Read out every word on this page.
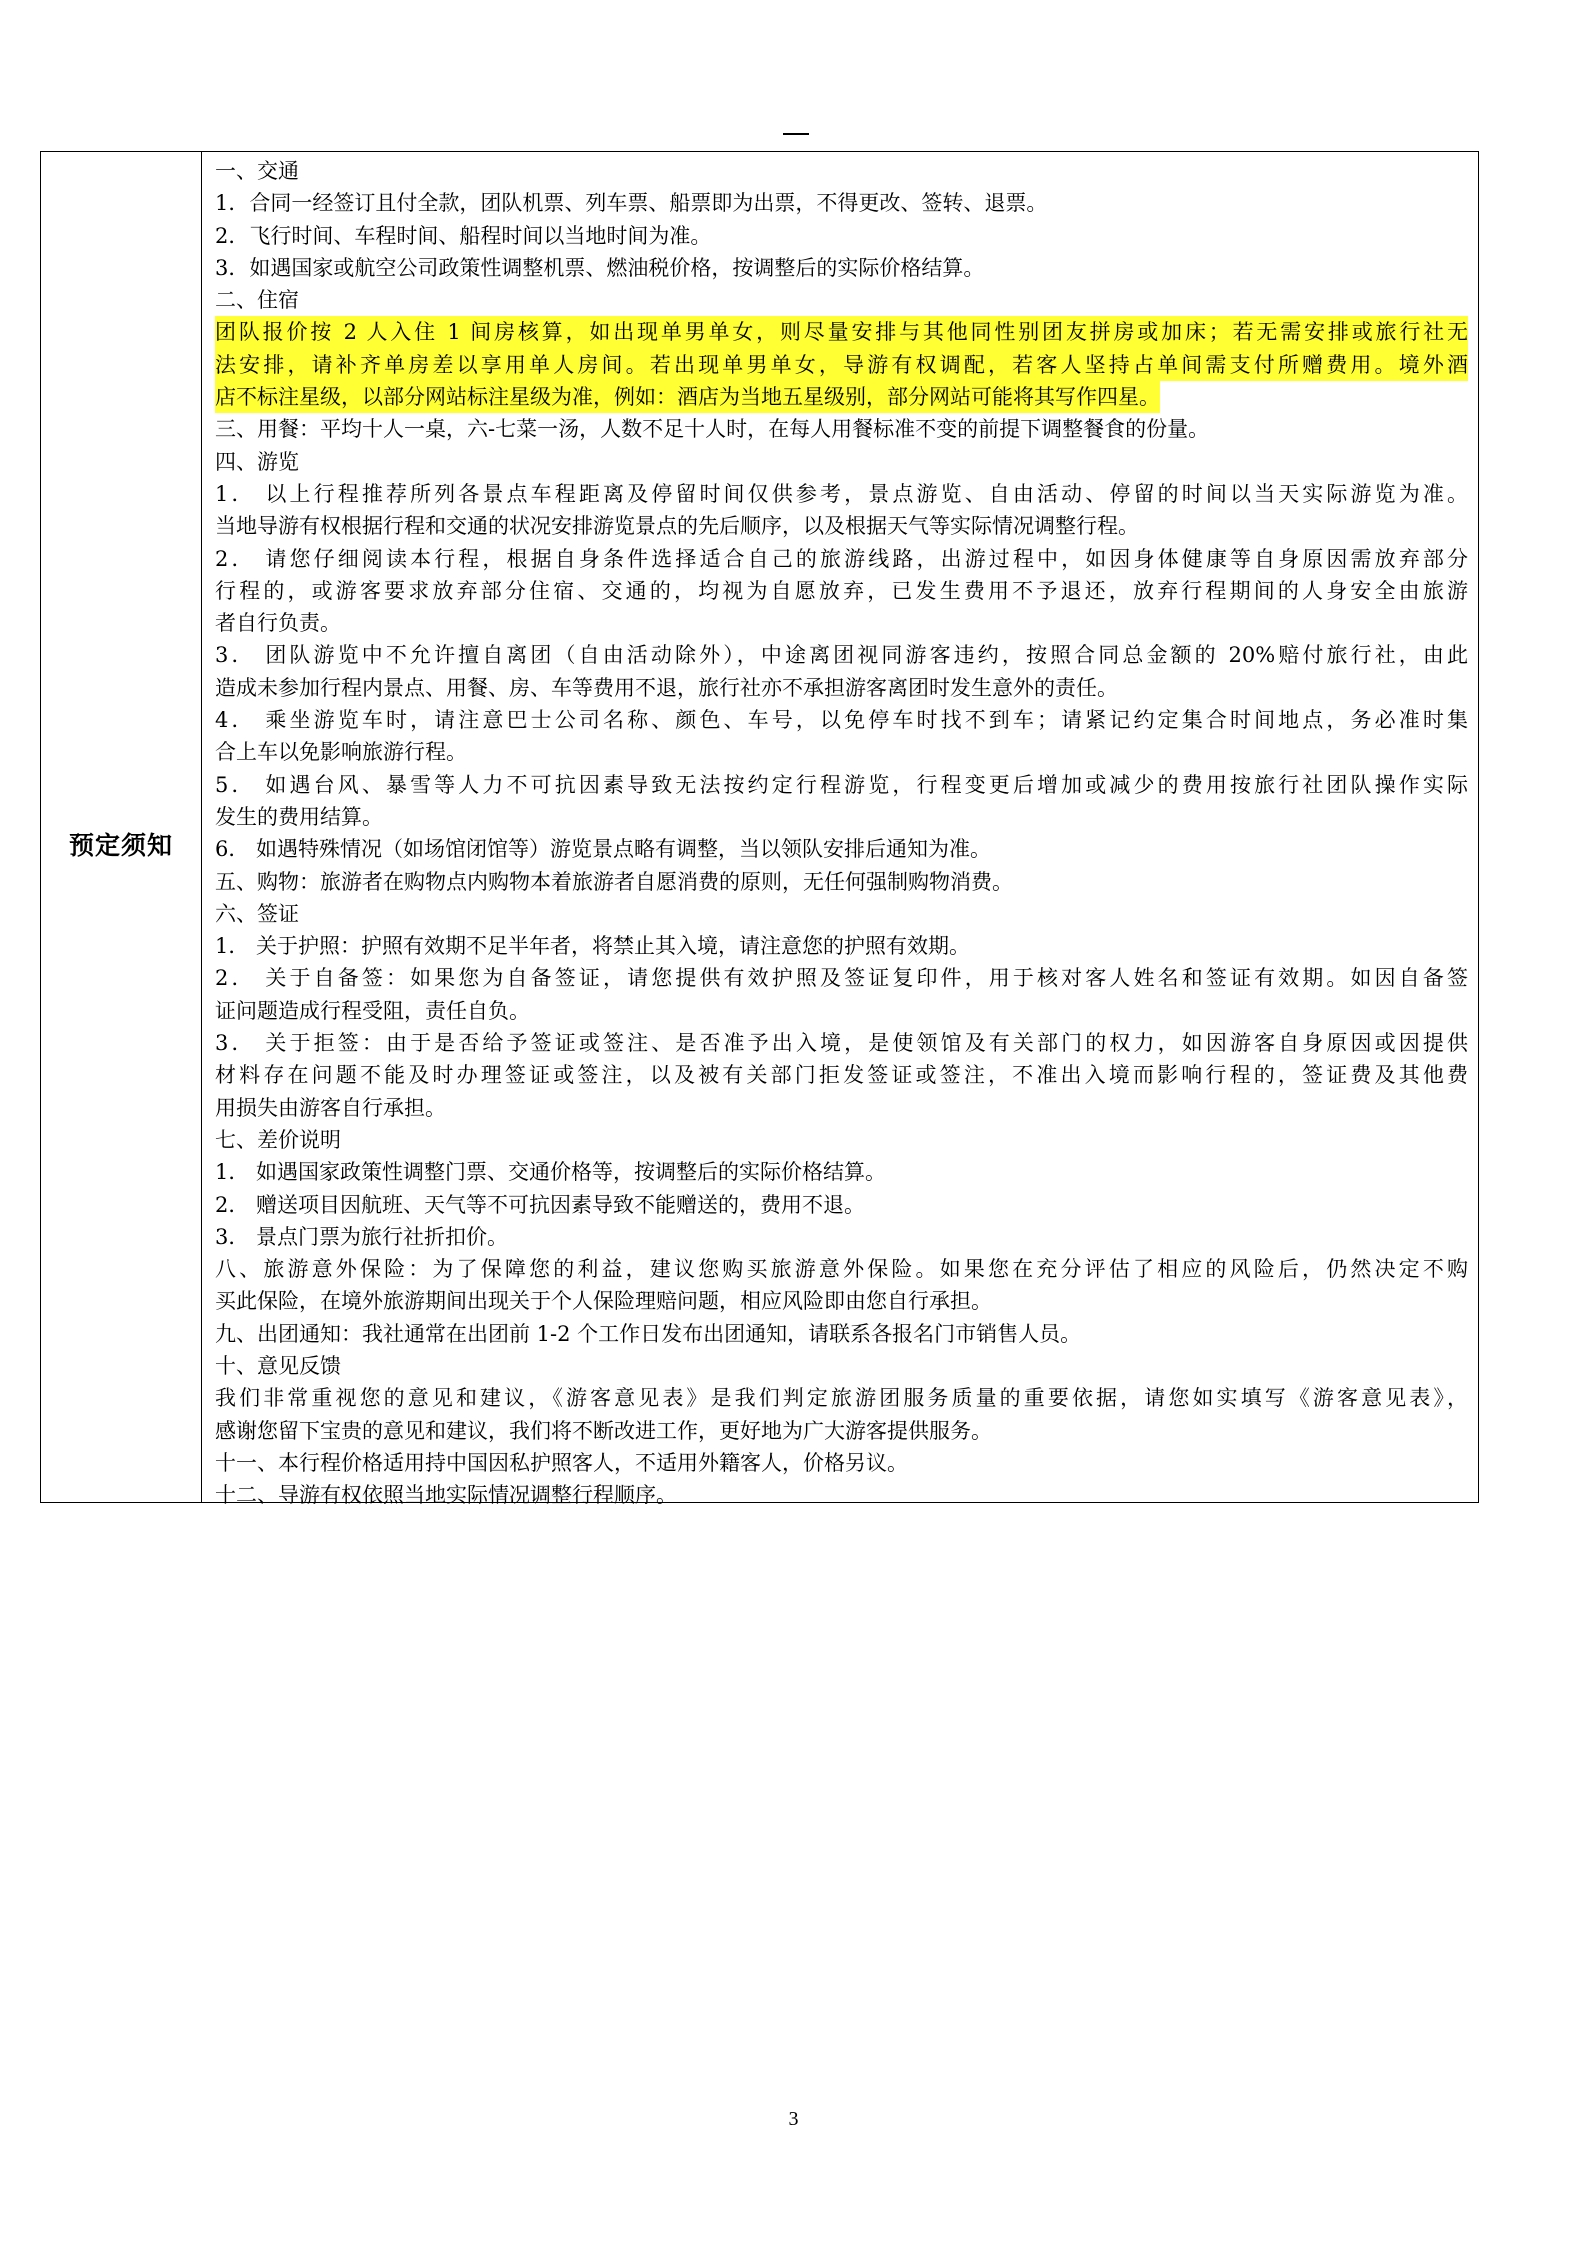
预定须知
一、交通
1．合同一经签订且付全款，团队机票、列车票、船票即为出票，不得更改、签转、退票。
2．飞行时间、车程时间、船程时间以当地时间为准。
3．如遇国家或航空公司政策性调整机票、燃油税价格，按调整后的实际价格结算。
二、住宿
团队报价按 2 人入住 1 间房核算，如出现单男单女，则尽量安排与其他同性别团友拼房或加床；若无需安排或旅行社无
法安排，请补齐单房差以享用单人房间。若出现单男单女，导游有权调配，若客人坚持占单间需支付所赠费用。境外酒
店不标注星级，以部分网站标注星级为准，例如：酒店为当地五星级别，部分网站可能将其写作四星。
三、用餐：平均十人一桌，六-七菜一汤，人数不足十人时，在每人用餐标准不变的前提下调整餐食的份量。
四、游览
1． 以上行程推荐所列各景点车程距离及停留时间仅供参考，景点游览、自由活动、停留的时间以当天实际游览为准。
当地导游有权根据行程和交通的状况安排游览景点的先后顺序，以及根据天气等实际情况调整行程。
2． 请您仔细阅读本行程，根据自身条件选择适合自己的旅游线路，出游过程中，如因身体健康等自身原因需放弃部分
行程的，或游客要求放弃部分住宿、交通的，均视为自愿放弃，已发生费用不予退还，放弃行程期间的人身安全由旅游
者自行负责。
3． 团队游览中不允许擅自离团（自由活动除外），中途离团视同游客违约，按照合同总金额的 20%赔付旅行社，由此
造成未参加行程内景点、用餐、房、车等费用不退，旅行社亦不承担游客离团时发生意外的责任。
4． 乘坐游览车时，请注意巴士公司名称、颜色、车号，以免停车时找不到车；请紧记约定集合时间地点，务必准时集
合上车以免影响旅游行程。
5． 如遇台风、暴雪等人力不可抗因素导致无法按约定行程游览，行程变更后增加或减少的费用按旅行社团队操作实际
发生的费用结算。
6． 如遇特殊情况（如场馆闭馆等）游览景点略有调整，当以领队安排后通知为准。
五、购物：旅游者在购物点内购物本着旅游者自愿消费的原则，无任何强制购物消费。
六、签证
1． 关于护照：护照有效期不足半年者，将禁止其入境，请注意您的护照有效期。
2． 关于自备签：如果您为自备签证，请您提供有效护照及签证复印件，用于核对客人姓名和签证有效期。如因自备签
证问题造成行程受阻，责任自负。
3． 关于拒签：由于是否给予签证或签注、是否准予出入境，是使领馆及有关部门的权力，如因游客自身原因或因提供
材料存在问题不能及时办理签证或签注，以及被有关部门拒发签证或签注，不准出入境而影响行程的，签证费及其他费
用损失由游客自行承担。
七、差价说明
1． 如遇国家政策性调整门票、交通价格等，按调整后的实际价格结算。
2． 赠送项目因航班、天气等不可抗因素导致不能赠送的，费用不退。
3． 景点门票为旅行社折扣价。
八、旅游意外保险：为了保障您的利益，建议您购买旅游意外保险。如果您在充分评估了相应的风险后，仍然决定不购
买此保险，在境外旅游期间出现关于个人保险理赔问题，相应风险即由您自行承担。
九、出团通知：我社通常在出团前 1-2 个工作日发布出团通知，请联系各报名门市销售人员。
十、意见反馈
我们非常重视您的意见和建议，《游客意见表》是我们判定旅游团服务质量的重要依据，请您如实填写《游客意见表》，
感谢您留下宝贵的意见和建议，我们将不断改进工作，更好地为广大游客提供服务。
十一、本行程价格适用持中国因私护照客人，不适用外籍客人，价格另议。
十二、导游有权依照当地实际情况调整行程顺序。
3
